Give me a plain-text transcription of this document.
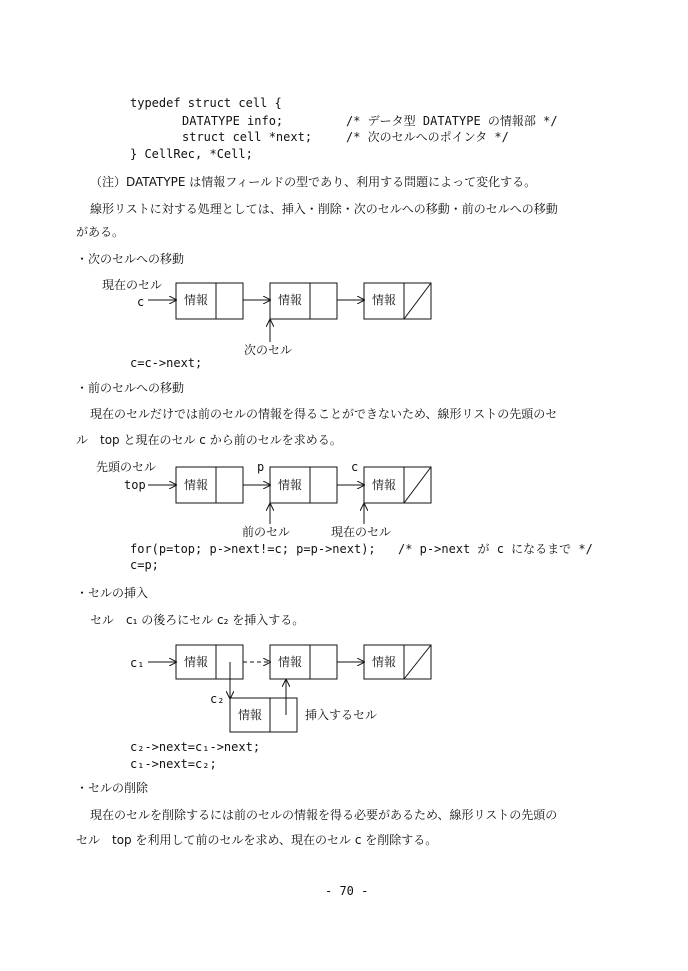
typedef struct cell {
DATATYPE info;	/* データ型 DATATYPE の情報部 */
struct cell *next;	/* 次のセルへのポインタ */
} CellRec, *Cell;
（注）DATATYPE は情報フィールドの型であり、利用する問題によって変化する。
線形リストに対する処理としては、挿入・削除・次のセルへの移動・前のセルへの移動
がある。
・次のセルへの移動
現在のセル
c
次のセル
c=c->next;
・前のセルへの移動
現在のセルだけでは前のセルの情報を得ることができないため、線形リストの先頭のセ
ル　top と現在のセル c から前のセルを求める。
先頭のセル	p	c
top
前のセル	現在のセル
for(p=top; p->next!=c; p=p->next); /* p->next が c になるまで */
c=p;
・セルの挿入
セル　c₁ の後ろにセル c₂ を挿入する。
c₁
c₂
挿入するセル
c₂->next=c₁->next;
c₁->next=c₂;
・セルの削除
現在のセルを削除するには前のセルの情報を得る必要があるため、線形リストの先頭の
セル　top を利用して前のセルを求め、現在のセル c を削除する。
- 70 -
情報	情報	情報
情報	情報	情報
情報	情報	情報
情報
